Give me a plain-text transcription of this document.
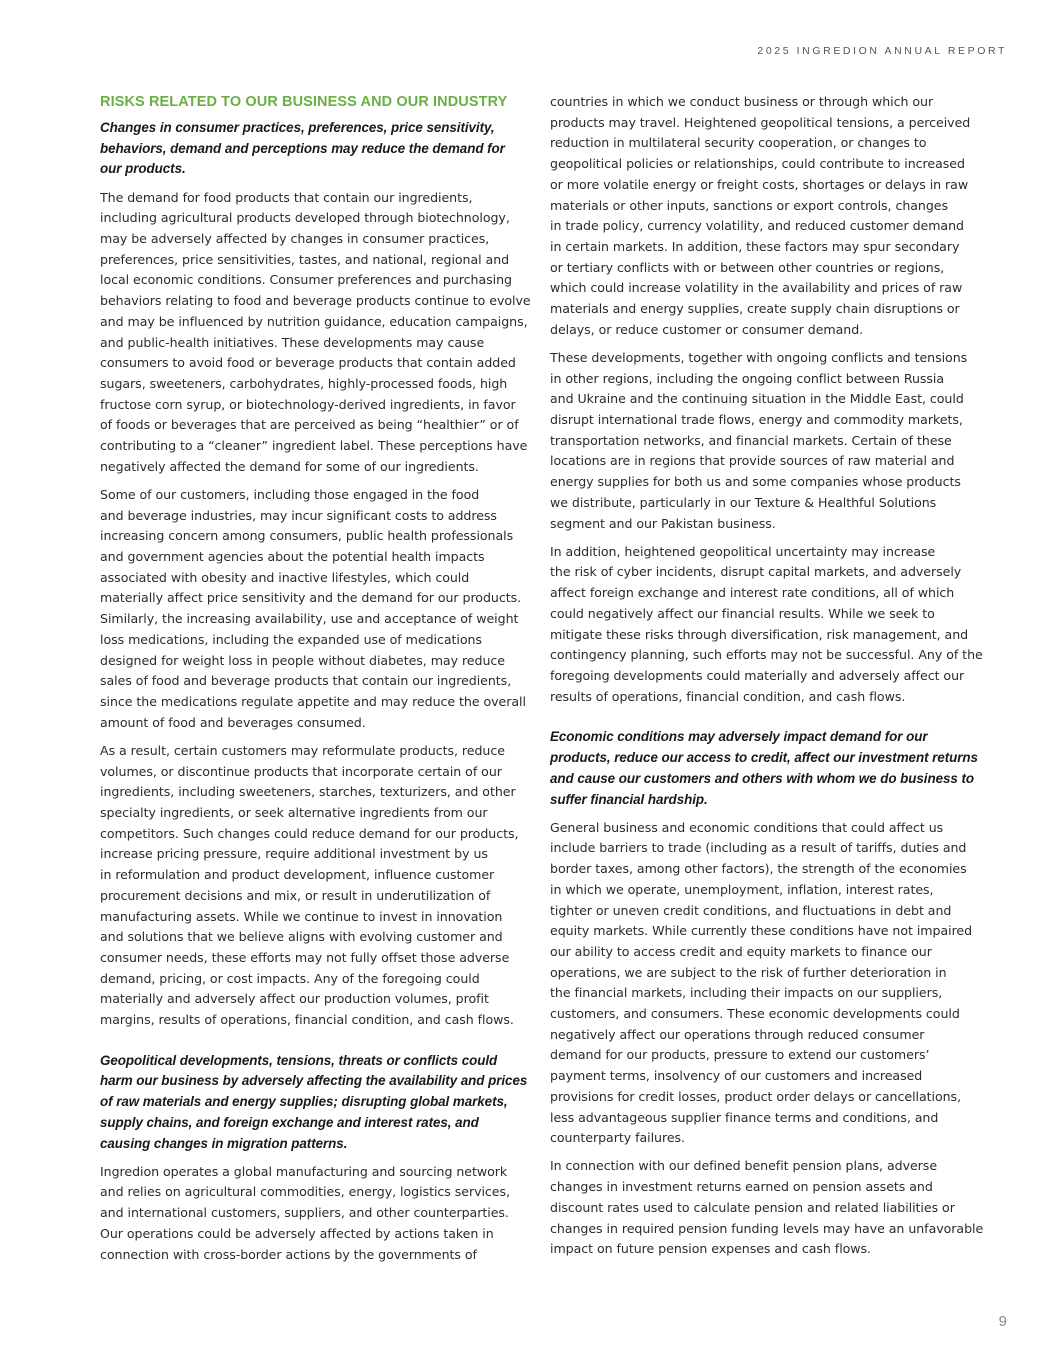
2025 INGREDION ANNUAL REPORT
RISKS RELATED TO OUR BUSINESS AND OUR INDUSTRY

Changes in consumer practices, preferences, price sensitivity,
behaviors, demand and perceptions may reduce the demand for
our products.

The demand for food products that contain our ingredients,
including agricultural products developed through biotechnology,
may be adversely affected by changes in consumer practices,
preferences, price sensitivities, tastes, and national, regional and
local economic conditions. Consumer preferences and purchasing
behaviors relating to food and beverage products continue to evolve
and may be influenced by nutrition guidance, education campaigns,
and public-health initiatives. These developments may cause
consumers to avoid food or beverage products that contain added
sugars, sweeteners, carbohydrates, highly-processed foods, high
fructose corn syrup, or biotechnology-derived ingredients, in favor
of foods or beverages that are perceived as being “healthier” or of
contributing to a “cleaner” ingredient label. These perceptions have
negatively affected the demand for some of our ingredients.

Some of our customers, including those engaged in the food
and beverage industries, may incur significant costs to address
increasing concern among consumers, public health professionals
and government agencies about the potential health impacts
associated with obesity and inactive lifestyles, which could
materially affect price sensitivity and the demand for our products.
Similarly, the increasing availability, use and acceptance of weight
loss medications, including the expanded use of medications
designed for weight loss in people without diabetes, may reduce
sales of food and beverage products that contain our ingredients,
since the medications regulate appetite and may reduce the overall
amount of food and beverages consumed.

As a result, certain customers may reformulate products, reduce
volumes, or discontinue products that incorporate certain of our
ingredients, including sweeteners, starches, texturizers, and other
specialty ingredients, or seek alternative ingredients from our
competitors. Such changes could reduce demand for our products,
increase pricing pressure, require additional investment by us
in reformulation and product development, influence customer
procurement decisions and mix, or result in underutilization of
manufacturing assets. While we continue to invest in innovation
and solutions that we believe aligns with evolving customer and
consumer needs, these efforts may not fully offset those adverse
demand, pricing, or cost impacts. Any of the foregoing could
materially and adversely affect our production volumes, profit
margins, results of operations, financial condition, and cash flows.

Geopolitical developments, tensions, threats or conflicts could
harm our business by adversely affecting the availability and prices
of raw materials and energy supplies; disrupting global markets,
supply chains, and foreign exchange and interest rates, and
causing changes in migration patterns.

Ingredion operates a global manufacturing and sourcing network
and relies on agricultural commodities, energy, logistics services,
and international customers, suppliers, and other counterparties.
Our operations could be adversely affected by actions taken in
connection with cross-border actions by the governments of

countries in which we conduct business or through which our
products may travel. Heightened geopolitical tensions, a perceived
reduction in multilateral security cooperation, or changes to
geopolitical policies or relationships, could contribute to increased
or more volatile energy or freight costs, shortages or delays in raw
materials or other inputs, sanctions or export controls, changes
in trade policy, currency volatility, and reduced customer demand
in certain markets. In addition, these factors may spur secondary
or tertiary conflicts with or between other countries or regions,
which could increase volatility in the availability and prices of raw
materials and energy supplies, create supply chain disruptions or
delays, or reduce customer or consumer demand.

These developments, together with ongoing conflicts and tensions
in other regions, including the ongoing conflict between Russia
and Ukraine and the continuing situation in the Middle East, could
disrupt international trade flows, energy and commodity markets,
transportation networks, and financial markets. Certain of these
locations are in regions that provide sources of raw material and
energy supplies for both us and some companies whose products
we distribute, particularly in our Texture & Healthful Solutions
segment and our Pakistan business.

In addition, heightened geopolitical uncertainty may increase
the risk of cyber incidents, disrupt capital markets, and adversely
affect foreign exchange and interest rate conditions, all of which
could negatively affect our financial results. While we seek to
mitigate these risks through diversification, risk management, and
contingency planning, such efforts may not be successful. Any of the
foregoing developments could materially and adversely affect our
results of operations, financial condition, and cash flows.

Economic conditions may adversely impact demand for our
products, reduce our access to credit, affect our investment returns
and cause our customers and others with whom we do business to
suffer financial hardship.

General business and economic conditions that could affect us
include barriers to trade (including as a result of tariffs, duties and
border taxes, among other factors), the strength of the economies
in which we operate, unemployment, inflation, interest rates,
tighter or uneven credit conditions, and fluctuations in debt and
equity markets. While currently these conditions have not impaired
our ability to access credit and equity markets to finance our
operations, we are subject to the risk of further deterioration in
the financial markets, including their impacts on our suppliers,
customers, and consumers. These economic developments could
negatively affect our operations through reduced consumer
demand for our products, pressure to extend our customers’
payment terms, insolvency of our customers and increased
provisions for credit losses, product order delays or cancellations,
less advantageous supplier finance terms and conditions, and
counterparty failures.

In connection with our defined benefit pension plans, adverse
changes in investment returns earned on pension assets and
discount rates used to calculate pension and related liabilities or
changes in required pension funding levels may have an unfavorable
impact on future pension expenses and cash flows.

9
